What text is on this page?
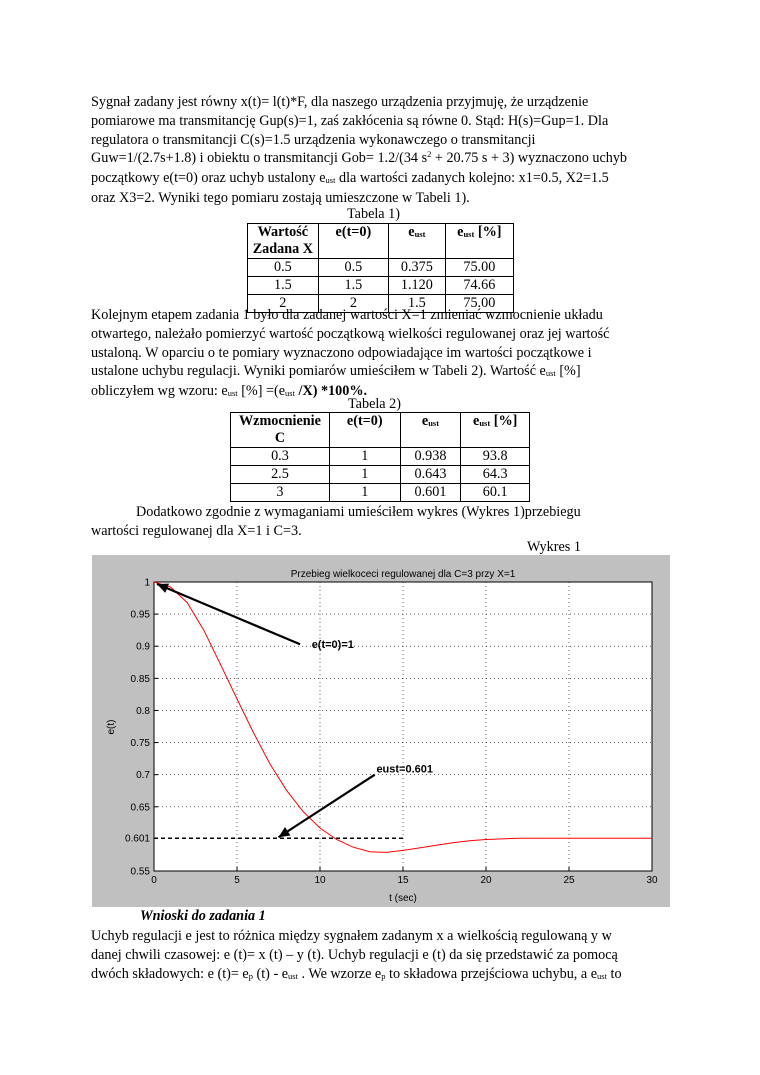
Sygnał zadany jest równy x(t)= l(t)*F, dla naszego urządzenia przyjmuję, że urządzenie
pomiarowe ma transmitancję Gup(s)=1, zaś zakłócenia są równe 0. Stąd: H(s)=Gup=1. Dla
regulatora o transmitancji C(s)=1.5 urządzenia wykonawczego o transmitancji
Guw=1/(2.7s+1.8) i obiektu o transmitancji Gob= 1.2/(34 $s^2 + 20.75$ s + 3) wyznaczono uchyb
początkowy e(t=0) oraz uchyb ustalony $e_{ust}$ dla wartości zadanych kolejno: x1=0.5, X2=1.5
oraz X3=2. Wyniki tego pomiaru zostają umieszczone w Tabeli 1).
Tabela 1)
Wartość
Zadana X	e(t=0)	$e_{ust}$	$e_{ust}$ [%]
0.5	0.5	0.375	75.00
1.5	1.5	1.120	74.66
2	2	1.5	75.00
Kolejnym etapem zadania 1 było dla zadanej wartości X=1 zmieniać wzmocnienie układu
otwartego, należało pomierzyć wartość początkową wielkości regulowanej oraz jej wartość
ustaloną. W oparciu o te pomiary wyznaczono odpowiadające im wartości początkowe i
ustalone uchybu regulacji. Wyniki pomiarów umieściłem w Tabeli 2). Wartość $e_{ust}$ [%]
obliczyłem wg wzoru: $e_{ust}$ [%] $=(e_{ust}$ /X) *100%.
Tabela 2)
Wzmocnienie
C	e(t=0)	$e_{ust}$	$e_{ust}$ [%]
0.3	1	0.938	93.8
2.5	1	0.643	64.3
3	1	0.601	60.1
Dodatkowo zgodnie z wymaganiami umieściłem wykres (Wykres 1)przebiegu
wartości regulowanej dla X=1 i C=3.
Wykres 1
0	5	10	15	20	25	30
0.55
0.601
0.65
0.7
0.75
0.8
0.85
0.9
0.95
1
e(t=0)=1
eust=0.601
Przebieg wielkoceci regulowanej dla C=3 przy X=1
t (sec)
e(t)
Wnioski do zadania 1
Uchyb regulacji e jest to różnica między sygnałem zadanym x a wielkością regulowaną y w
danej chwili czasowej: e (t)= x (t) – y (t). Uchyb regulacji e (t) da się przedstawić za pomocą
dwóch składowych: e $(t)= e_p$ $(t) - e_{ust}$ . We wzorze $e_p$ to składowa przejściowa uchybu, a $e_{ust}$ to
